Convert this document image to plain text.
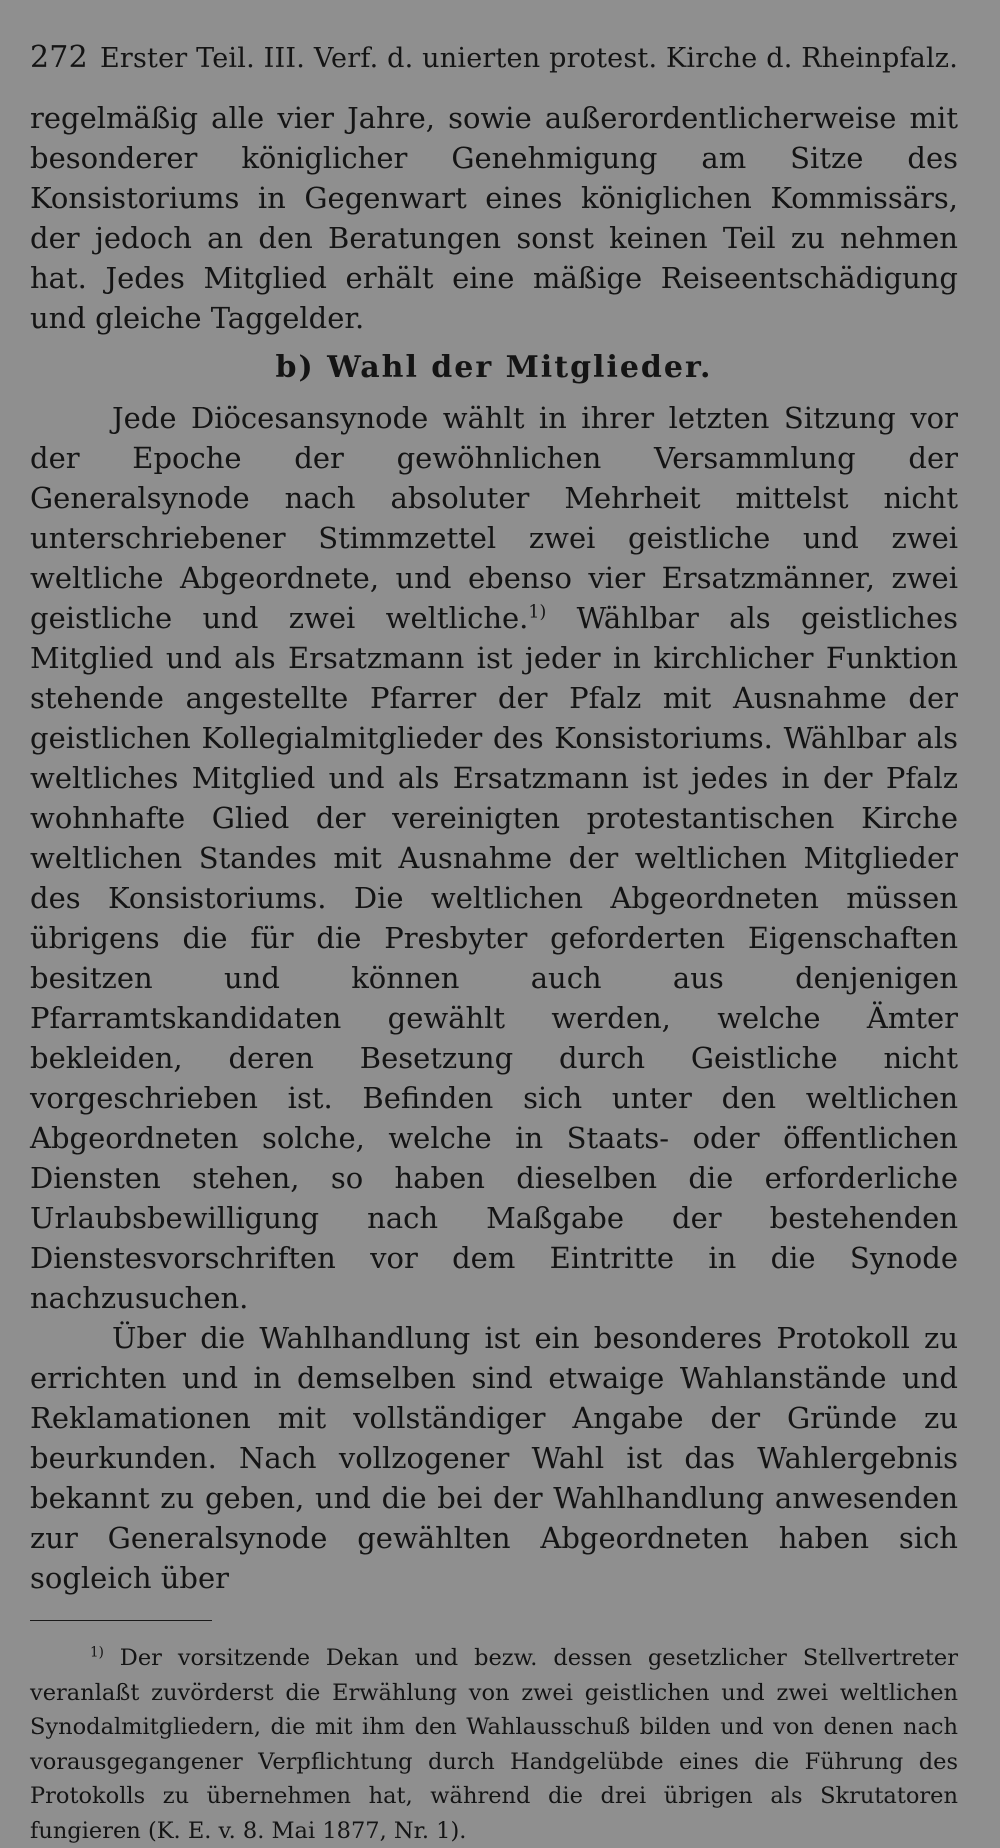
272 Erster Teil. III. Verf. d. unierten protest. Kirche d. Rheinpfalz.

regelmäßig alle vier Jahre, sowie außerordentlicherweise mit besonderer königlicher Genehmigung am Sitze des Konsistoriums in Gegenwart eines königlichen Kommissärs, der jedoch an den Beratungen sonst keinen Teil zu nehmen hat. Jedes Mitglied erhält eine mäßige Reiseentschädigung und gleiche Taggelder.

b) Wahl der Mitglieder.

Jede Diöcesansynode wählt in ihrer letzten Sitzung vor der Epoche der gewöhnlichen Versammlung der Generalsynode nach absoluter Mehrheit mittelst nicht unterschriebener Stimmzettel zwei geistliche und zwei weltliche Abgeordnete, und ebenso vier Ersatzmänner, zwei geistliche und zwei weltliche.$^{1)}$ Wählbar als geistliches Mitglied und als Ersatzmann ist jeder in kirchlicher Funktion stehende angestellte Pfarrer der Pfalz mit Ausnahme der geistlichen Kollegialmitglieder des Konsistoriums. Wählbar als weltliches Mitglied und als Ersatzmann ist jedes in der Pfalz wohnhafte Glied der vereinigten protestantischen Kirche weltlichen Standes mit Ausnahme der weltlichen Mitglieder des Konsistoriums. Die weltlichen Abgeordneten müssen übrigens die für die Presbyter geforderten Eigenschaften besitzen und können auch aus denjenigen Pfarramtskandidaten gewählt werden, welche Ämter bekleiden, deren Besetzung durch Geistliche nicht vorgeschrieben ist. Befinden sich unter den weltlichen Abgeordneten solche, welche in Staats- oder öffentlichen Diensten stehen, so haben dieselben die erforderliche Urlaubsbewilligung nach Maßgabe der bestehenden Dienstesvorschriften vor dem Eintritte in die Synode nachzusuchen.

Über die Wahlhandlung ist ein besonderes Protokoll zu errichten und in demselben sind etwaige Wahlanstände und Reklamationen mit vollständiger Angabe der Gründe zu beurkunden. Nach vollzogener Wahl ist das Wahlergebnis bekannt zu geben, und die bei der Wahlhandlung anwesenden zur Generalsynode gewählten Abgeordneten haben sich sogleich über

$^{1)}$ Der vorsitzende Dekan und bezw. dessen gesetzlicher Stellvertreter veranlaßt zuvörderst die Erwählung von zwei geistlichen und zwei weltlichen Synodalmitgliedern, die mit ihm den Wahlausschuß bilden und von denen nach vorausgegangener Verpflichtung durch Handgelübde eines die Führung des Protokolls zu übernehmen hat, während die drei übrigen als Skrutatoren fungieren (K. E. v. 8. Mai 1877, Nr. 1).
